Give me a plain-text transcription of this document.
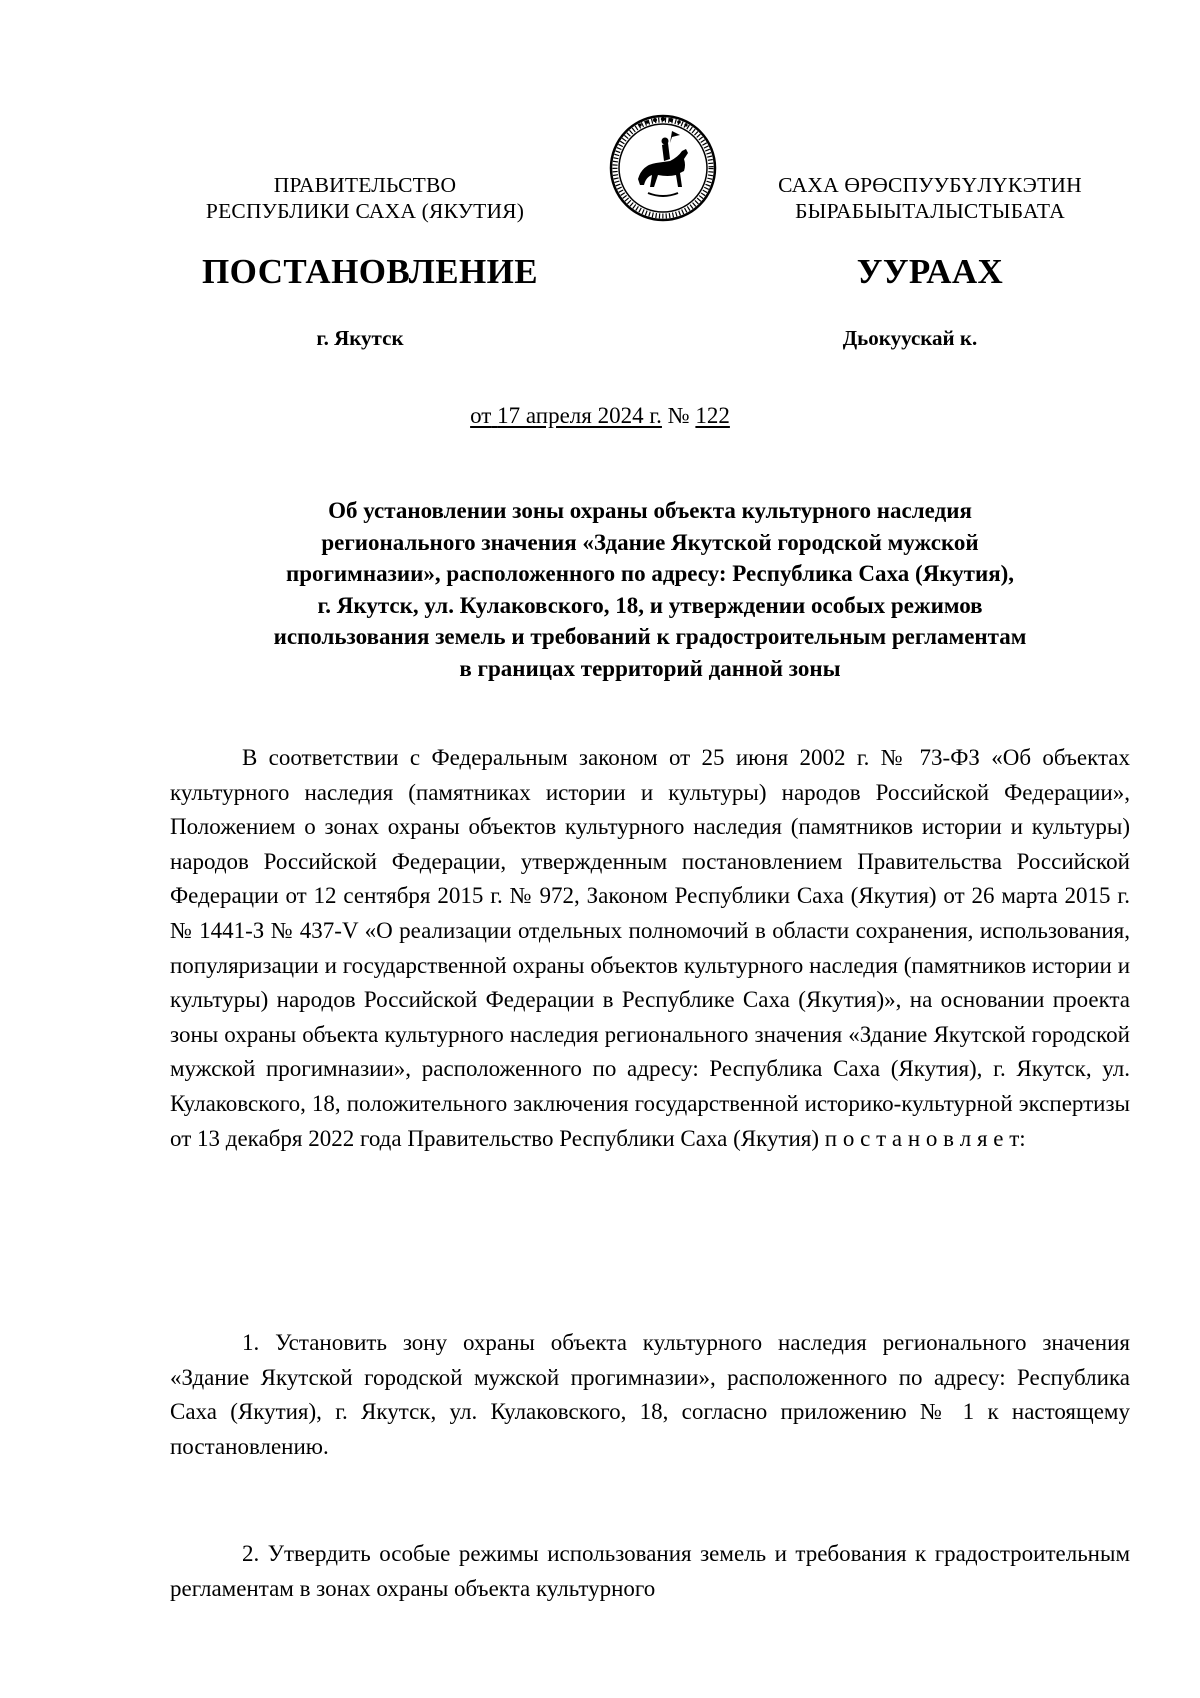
ПРАВИТЕЛЬСТВО
РЕСПУБЛИКИ САХА (ЯКУТИЯ)
САХА ӨРӨСПУУБҮЛҮКЭТИН
БЫРАБЫЫТАЛЫСТЫБАТА
ПОСТАНОВЛЕНИЕ	УУРААХ
г. Якутск	Дьокуускай к.
от 17 апреля 2024 г. № 122
Об установлении зоны охраны объекта культурного наследия
регионального значения «Здание Якутской городской мужской
прогимназии», расположенного по адресу: Республика Саха (Якутия),
г. Якутск, ул. Кулаковского, 18, и утверждении особых режимов
использования земель и требований к градостроительным регламентам
в границах территорий данной зоны

В соответствии с Федеральным законом от 25 июня 2002 г. № 73-ФЗ «Об объектах культурного наследия (памятниках истории и культуры) народов Российской Федерации», Положением о зонах охраны объектов культурного наследия (памятников истории и культуры) народов Российской Федерации, утвержденным постановлением Правительства Российской Федерации от 12 сентября 2015 г. № 972, Законом Республики Саха (Якутия) от 26 марта 2015 г. № 1441-З № 437-V «О реализации отдельных полномочий в области сохранения, использования, популяризации и государственной охраны объектов культурного наследия (памятников истории и культуры) народов Российской Федерации в Республике Саха (Якутия)», на основании проекта зоны охраны объекта культурного наследия регионального значения «Здание Якутской городской мужской прогимназии», расположенного по адресу: Республика Саха (Якутия), г. Якутск, ул. Кулаковского, 18, положительного заключения государственной историко-культурной экспертизы от 13 декабря 2022 года Правительство Республики Саха (Якутия) п о с т а н о в л я е т:

1. Установить зону охраны объекта культурного наследия регионального значения «Здание Якутской городской мужской прогимназии», расположенного по адресу: Республика Саха (Якутия), г. Якутск, ул. Кулаковского, 18, согласно приложению № 1 к настоящему постановлению.

2. Утвердить особые режимы использования земель и требования к градостроительным регламентам в зонах охраны объекта культурного
